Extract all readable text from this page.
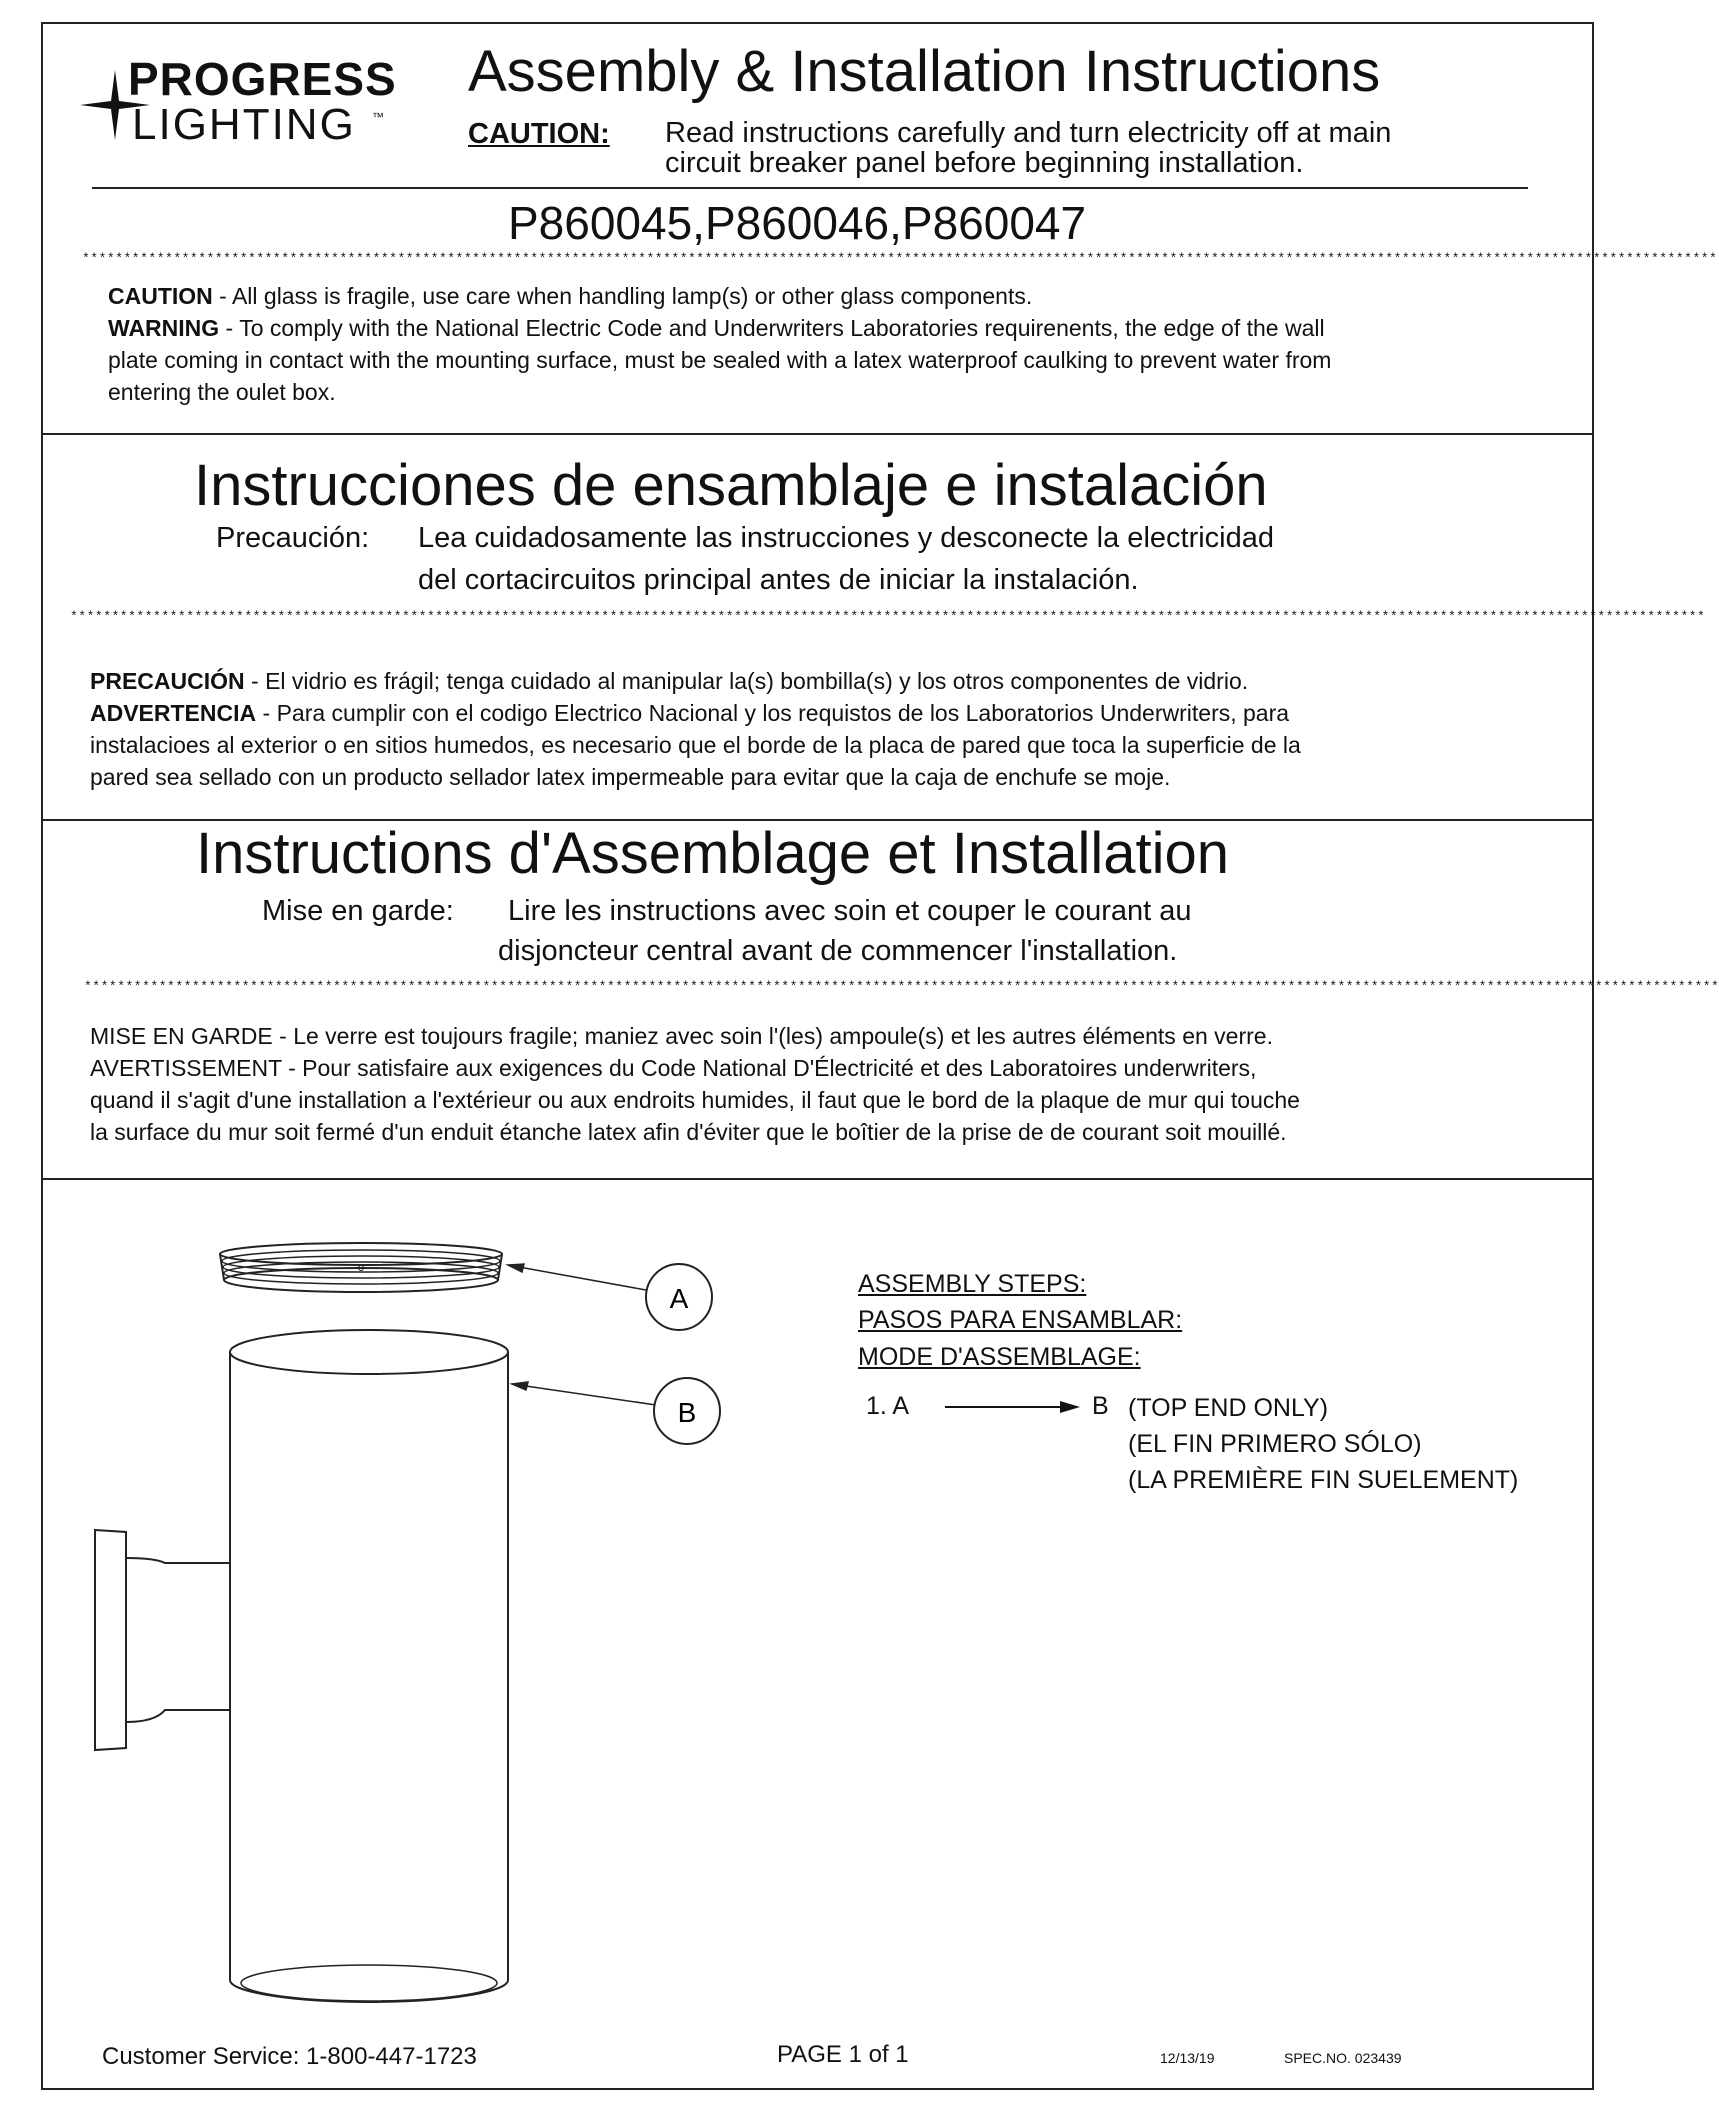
PROGRESS
LIGHTING ™
Assembly & Installation Instructions
CAUTION: Read instructions carefully and turn electricity off at main
circuit breaker panel before beginning installation.
P860045,P860046,P860047
*****************************************************************************************************************************************************************************************************

CAUTION - All glass is fragile, use care when handling lamp(s) or other glass components.

WARNING - To comply with the National Electric Code and Underwriters Laboratories requirenents, the edge of the wall

plate coming in contact with the mounting surface, must be sealed with a latex waterproof caulking to prevent water from

entering the oulet box.

Instrucciones de ensamblaje e instalación
Precaución: Lea cuidadosamente las instrucciones y desconecte la electricidad
del cortacircuitos principal antes de iniciar la instalación.
*****************************************************************************************************************************************************************************************************

PRECAUCIÓN - El vidrio es frágil; tenga cuidado al manipular la(s) bombilla(s) y los otros componentes de vidrio.

ADVERTENCIA - Para cumplir con el codigo Electrico Nacional y los requistos de los Laboratorios Underwriters, para

instalacioes al exterior o en sitios humedos, es necesario que el borde de la placa de pared que toca la superficie de la

pared sea sellado con un producto sellador latex impermeable para evitar que la caja de enchufe se moje.

Instructions d'Assemblage et Installation
Mise en garde: Lire les instructions avec soin et couper le courant au
disjoncteur central avant de commencer l'installation.
*****************************************************************************************************************************************************************************************************

MISE EN GARDE - Le verre est toujours fragile; maniez avec soin l'(les) ampoule(s) et les autres éléments en verre.

AVERTISSEMENT - Pour satisfaire aux exigences du Code National D'Électricité et des Laboratoires underwriters,

quand il s'agit d'une installation a l'extérieur ou aux endroits humides, il faut que le bord de la plaque de mur qui touche

la surface du mur soit fermé d'un enduit étanche latex afin d'éviter que le boîtier de la prise de de courant soit mouillé.

A
B
ASSEMBLY STEPS:
PASOS PARA ENSAMBLAR:
MODE D'ASSEMBLAGE:
1. A	B (TOP END ONLY)
(EL FIN PRIMERO SÓLO)
(LA PREMIÈRE FIN SUELEMENT)
Customer Service: 1-800-447-1723	PAGE 1 of 1	12/13/19	SPEC.NO. 023439
